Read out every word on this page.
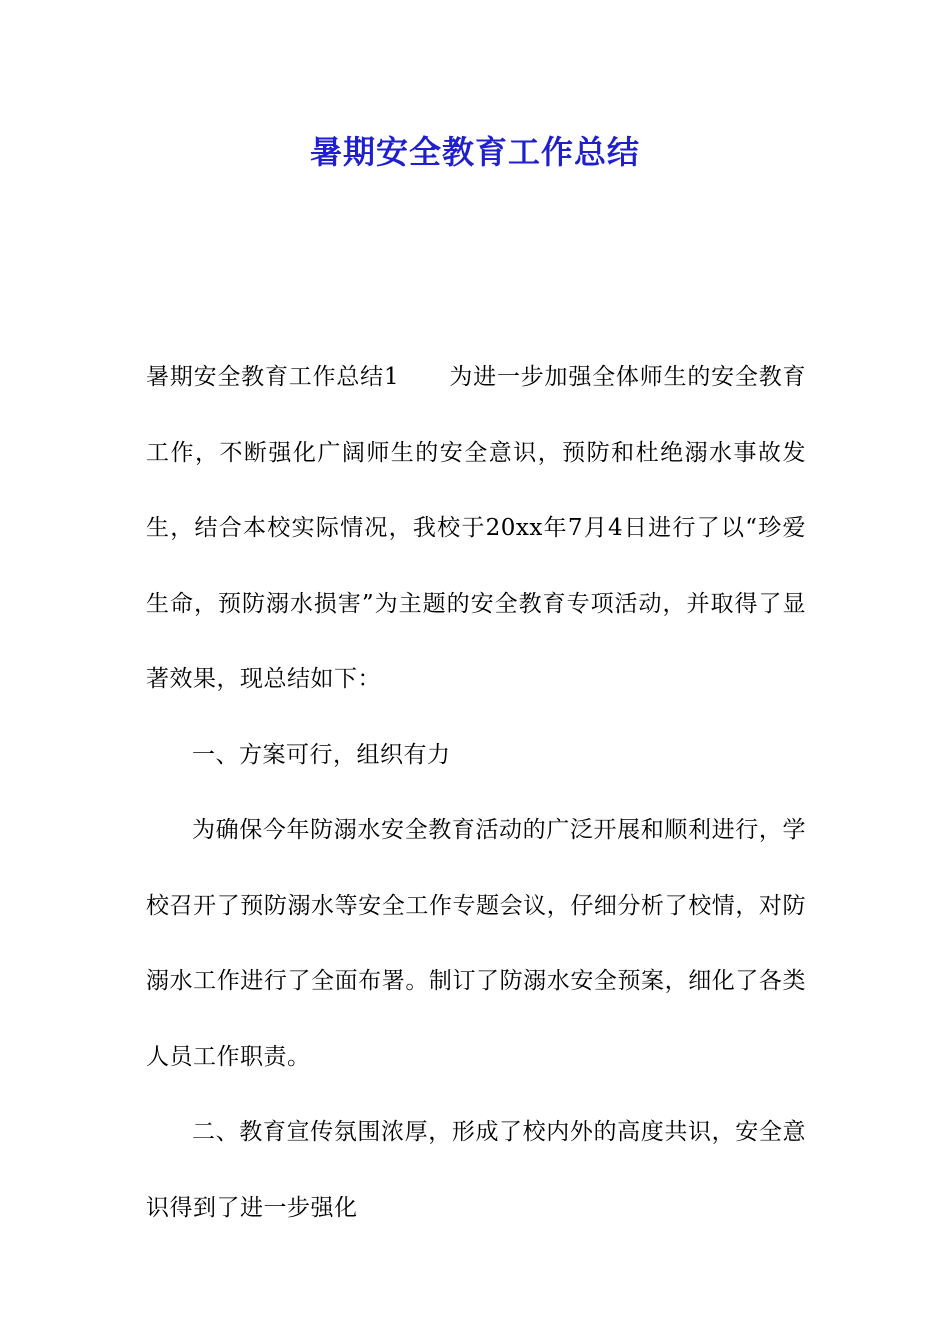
暑期安全教育工作总结

暑期安全教育工作总结1 为进一步加强全体师生的安全教育工作，不断强化广阔师生的安全意识，预防和杜绝溺水事故发生，结合本校实际情况，我校于20xx年7月4日进行了以“珍爱生命，预防溺水损害”为主题的安全教育专项活动，并取得了显著效果，现总结如下：

一、方案可行，组织有力

为确保今年防溺水安全教育活动的广泛开展和顺利进行，学校召开了预防溺水等安全工作专题会议，仔细分析了校情，对防溺水工作进行了全面布署。制订了防溺水安全预案，细化了各类人员工作职责。

二、教育宣传氛围浓厚，形成了校内外的高度共识，安全意识得到了进一步强化
